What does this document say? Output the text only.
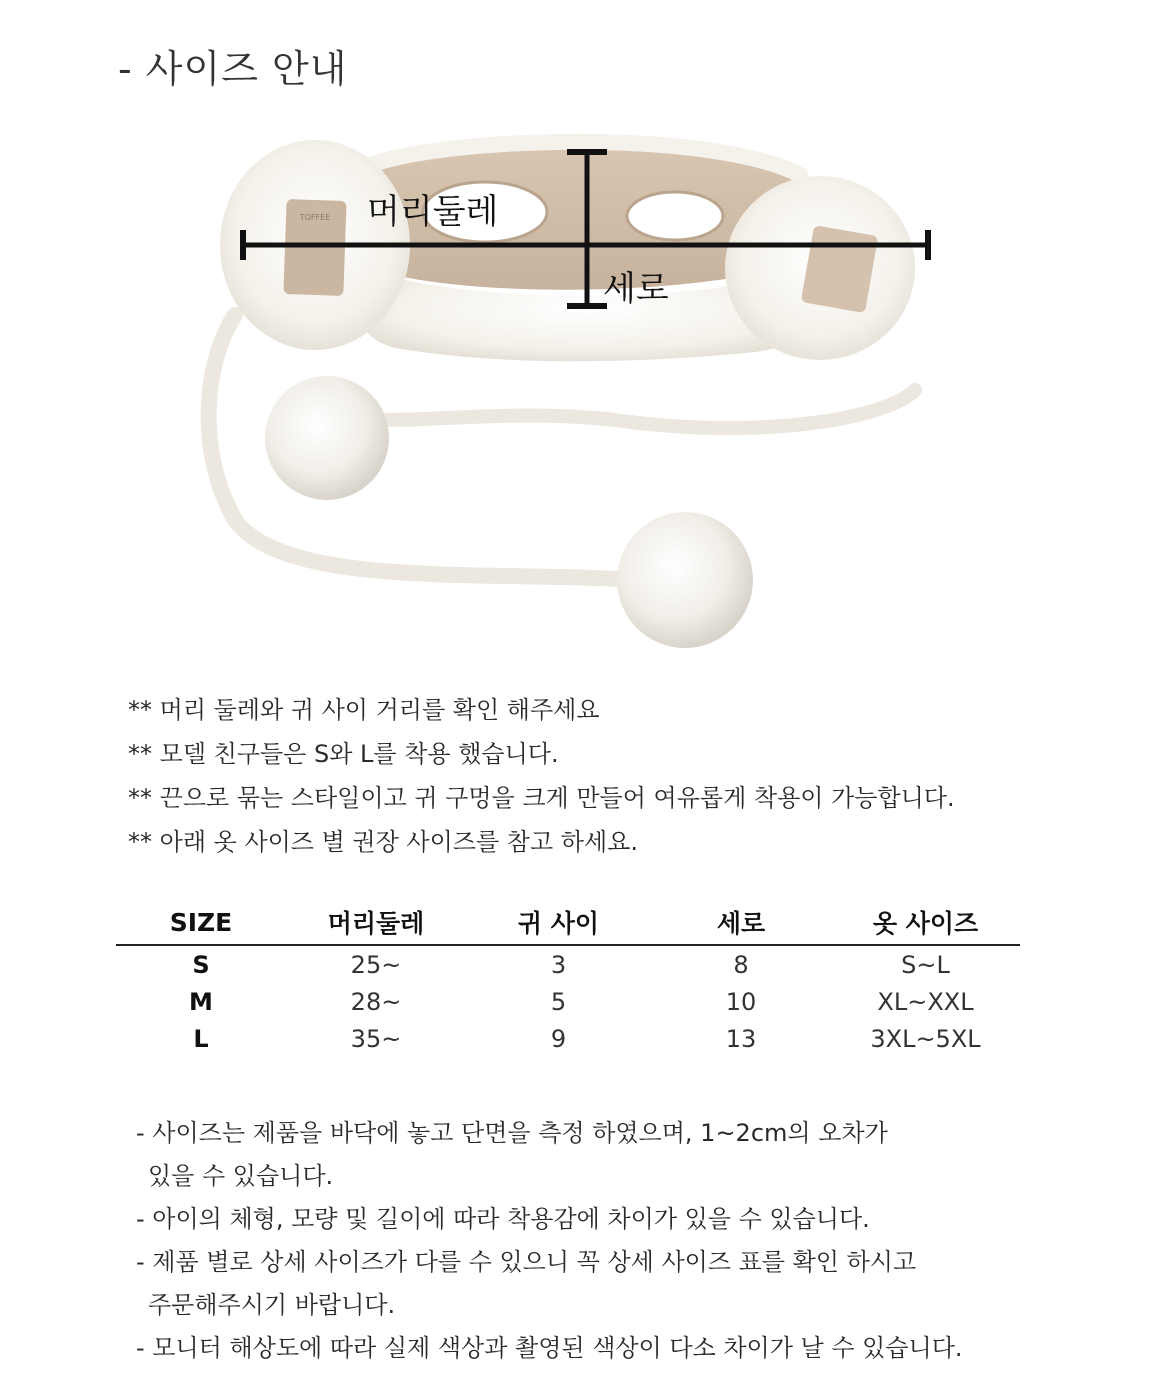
- 사이즈 안내
TOFFEE 머리둘레
세로
** 머리 둘레와 귀 사이 거리를 확인 해주세요
** 모델 친구들은 S와 L를 착용 했습니다.
** 끈으로 묶는 스타일이고 귀 구멍을 크게 만들어 여유롭게 착용이 가능합니다.
** 아래 옷 사이즈 별 권장 사이즈를 참고 하세요.
SIZE	머리둘레	귀 사이	세로	옷 사이즈
S	25~	3	8	S~L
M	28~	5	10	XL~XXL
L	35~	9	13	3XL~5XL
- 사이즈는 제품을 바닥에 놓고 단면을 측정 하였으며, 1~2cm의 오차가
있을 수 있습니다.
- 아이의 체형, 모량 및 길이에 따라 착용감에 차이가 있을 수 있습니다.
- 제품 별로 상세 사이즈가 다를 수 있으니 꼭 상세 사이즈 표를 확인 하시고
주문해주시기 바랍니다.
- 모니터 해상도에 따라 실제 색상과 촬영된 색상이 다소 차이가 날 수 있습니다.
